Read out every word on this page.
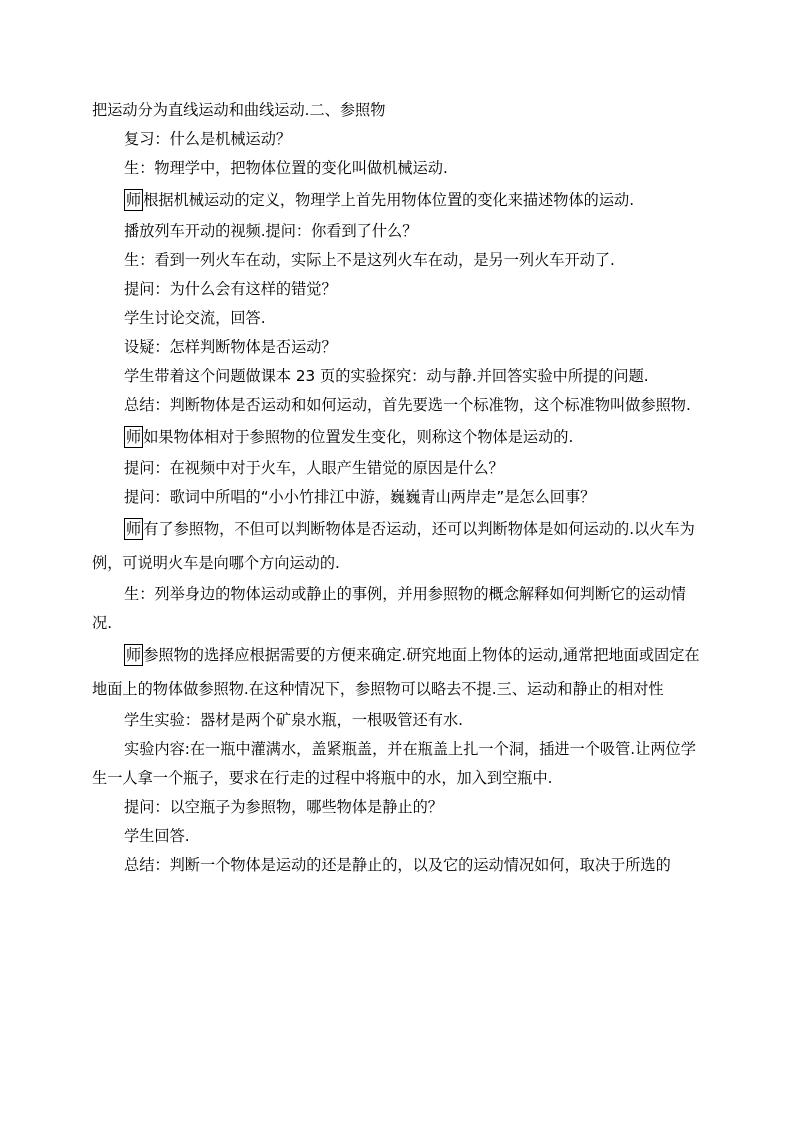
把运动分为直线运动和曲线运动.二、参照物

复习：什么是机械运动？

生：物理学中，把物体位置的变化叫做机械运动.

师 根据机械运动的定义，物理学上首先用物体位置的变化来描述物体的运动.

播放列车开动的视频.提问：你看到了什么？

生：看到一列火车在动，实际上不是这列火车在动，是另一列火车开动了.

提问：为什么会有这样的错觉？

学生讨论交流，回答.

设疑：怎样判断物体是否运动？

学生带着这个问题做课本 23 页的实验探究：动与静.并回答实验中所提的问题.

总结：判断物体是否运动和如何运动，首先要选一个标准物，这个标准物叫做参照物.

师 如果物体相对于参照物的位置发生变化，则称这个物体是运动的.

提问：在视频中对于火车，人眼产生错觉的原因是什么？

提问：歌词中所唱的“小小竹排江中游，巍巍青山两岸走”是怎么回事？

师 有了参照物，不但可以判断物体是否运动，还可以判断物体是如何运动的.以火车为例，可说明火车是向哪个方向运动的.

生：列举身边的物体运动或静止的事例，并用参照物的概念解释如何判断它的运动情况.

师 参照物的选择应根据需要的方便来确定.研究地面上物体的运动,通常把地面或固定在地面上的物体做参照物.在这种情况下，参照物可以略去不提.三、运动和静止的相对性

学生实验：器材是两个矿泉水瓶，一根吸管还有水.

实验内容:在一瓶中灌满水，盖紧瓶盖，并在瓶盖上扎一个洞，插进一个吸管.让两位学生一人拿一个瓶子，要求在行走的过程中将瓶中的水，加入到空瓶中.

提问：以空瓶子为参照物，哪些物体是静止的？

学生回答.

总结：判断一个物体是运动的还是静止的，以及它的运动情况如何，取决于所选的
